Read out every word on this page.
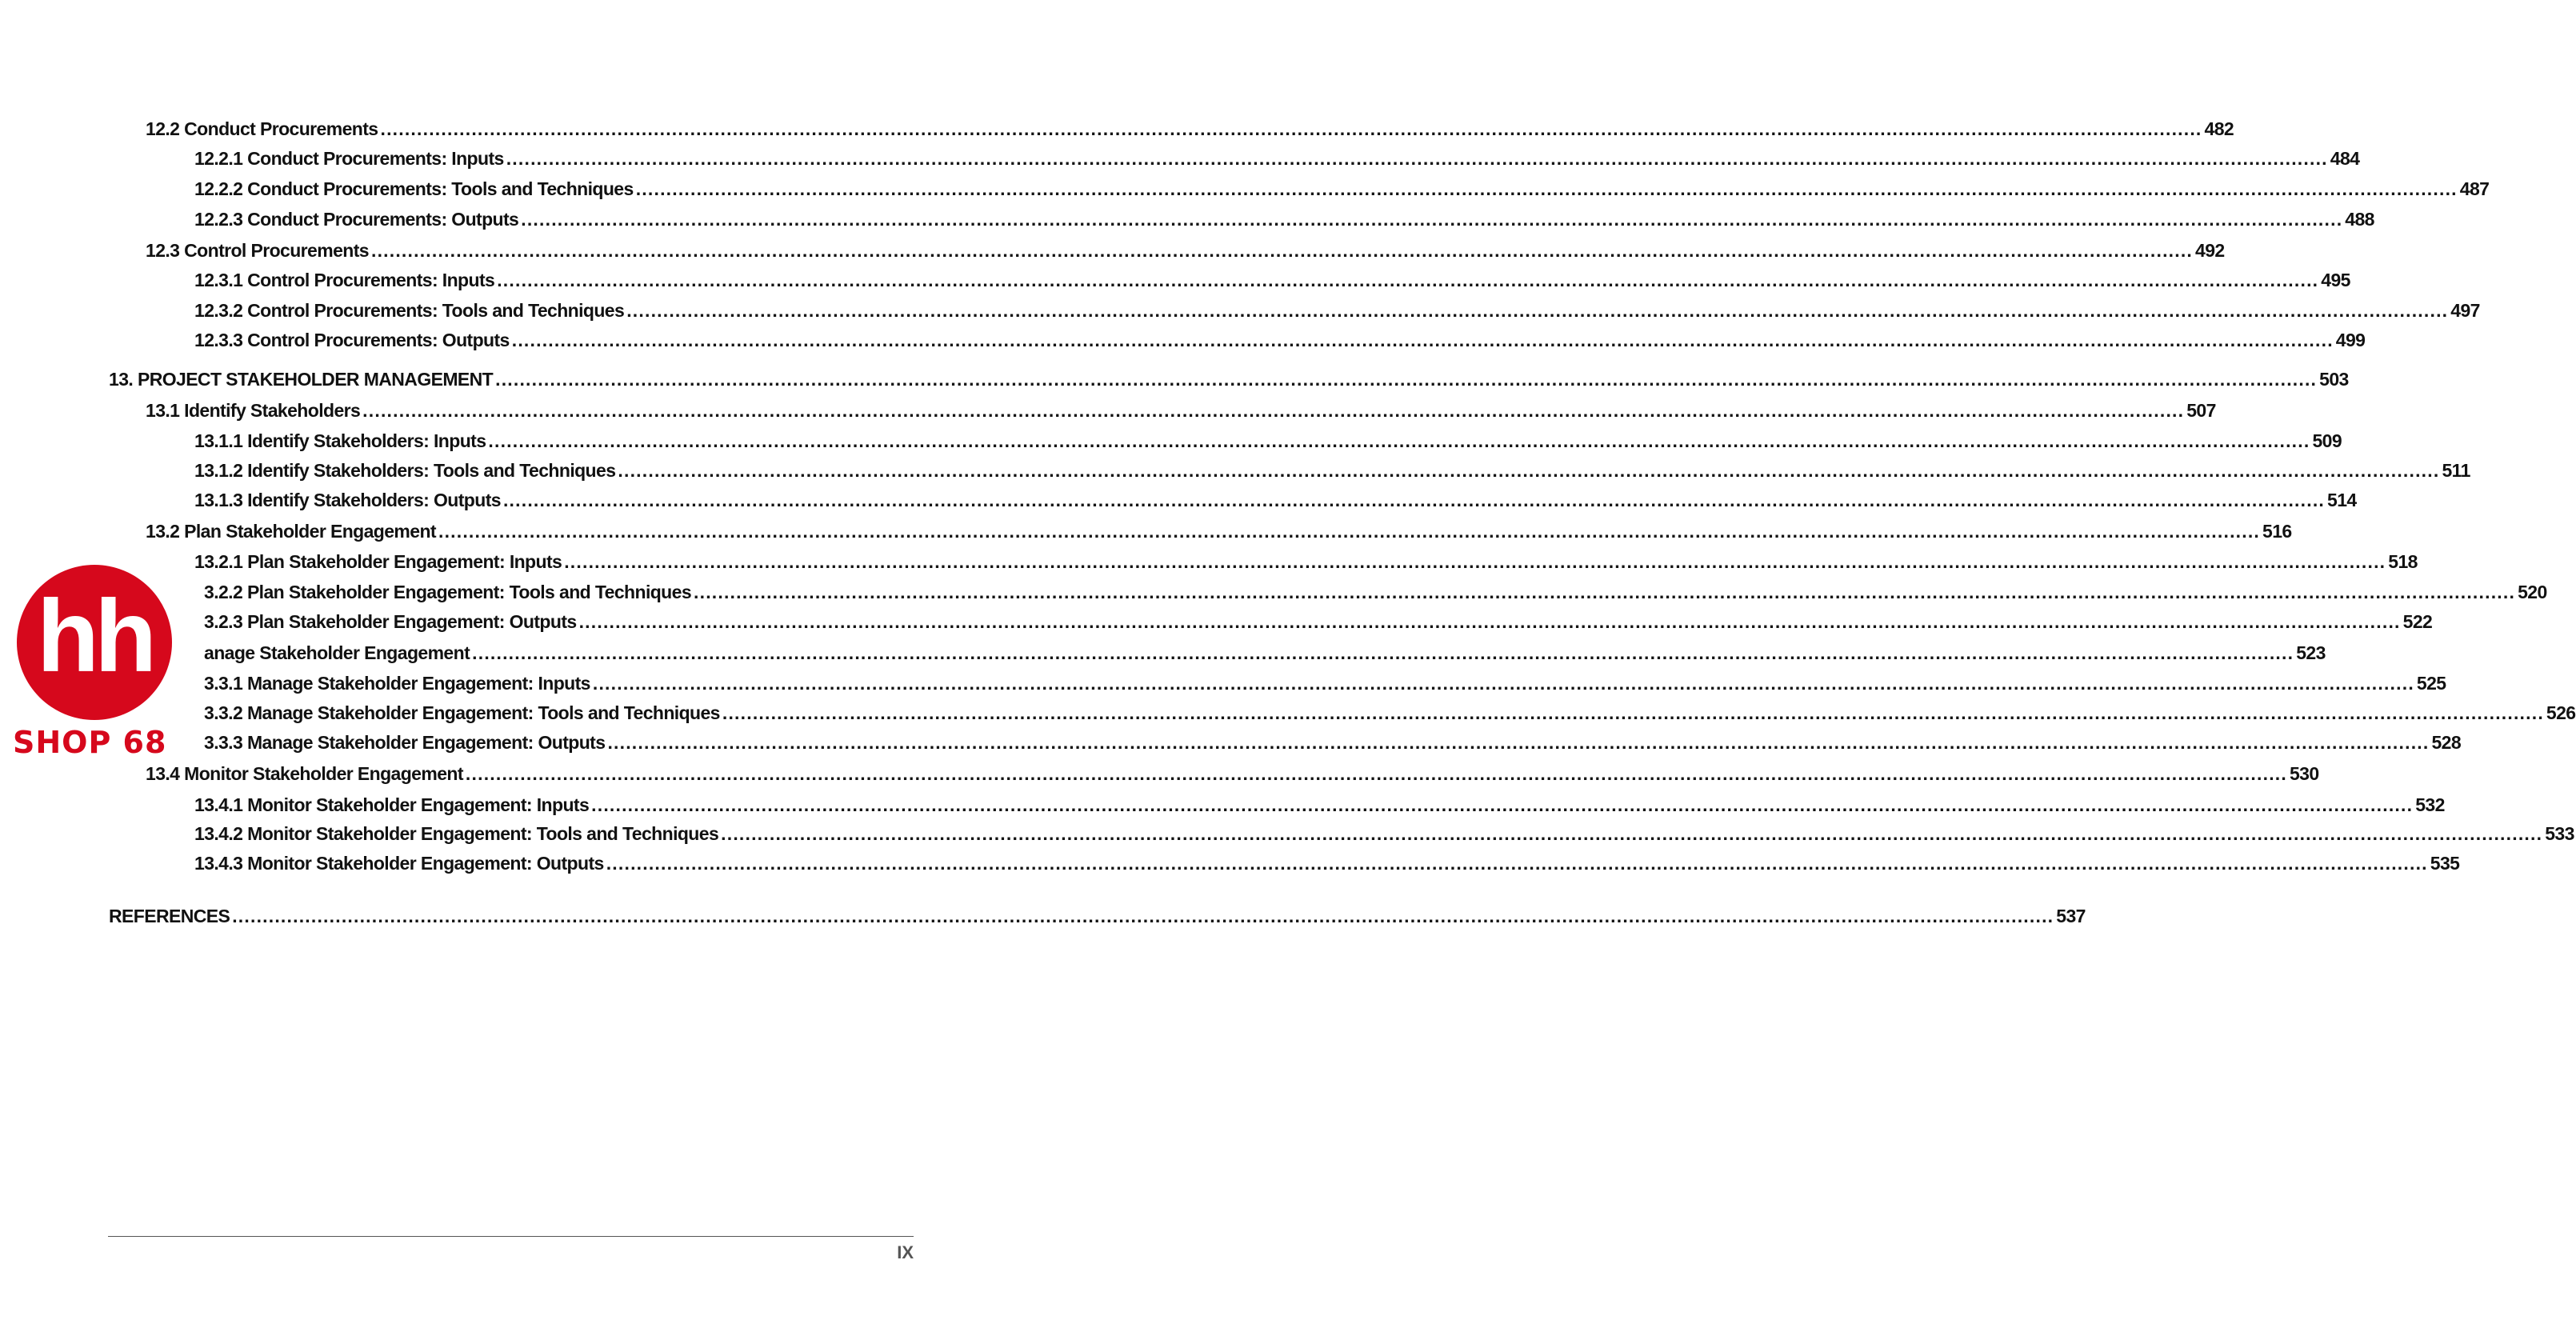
12.2 Conduct Procurements ............................................................................................................................................................................................................................................................................................................ 482
12.2.1 Conduct Procurements: Inputs ............................................................................................................................................................................................................................................................................................................ 484
12.2.2 Conduct Procurements: Tools and Techniques ............................................................................................................................................................................................................................................................................................................ 487
12.2.3 Conduct Procurements: Outputs ............................................................................................................................................................................................................................................................................................................ 488
12.3 Control Procurements ............................................................................................................................................................................................................................................................................................................ 492
12.3.1 Control Procurements: Inputs ............................................................................................................................................................................................................................................................................................................ 495
12.3.2 Control Procurements: Tools and Techniques ............................................................................................................................................................................................................................................................................................................ 497
12.3.3 Control Procurements: Outputs ............................................................................................................................................................................................................................................................................................................ 499
13. PROJECT STAKEHOLDER MANAGEMENT ............................................................................................................................................................................................................................................................................................................ 503
13.1 Identify Stakeholders ............................................................................................................................................................................................................................................................................................................ 507
13.1.1 Identify Stakeholders: Inputs ............................................................................................................................................................................................................................................................................................................ 509
13.1.2 Identify Stakeholders: Tools and Techniques ............................................................................................................................................................................................................................................................................................................ 511
13.1.3 Identify Stakeholders: Outputs ............................................................................................................................................................................................................................................................................................................ 514
13.2 Plan Stakeholder Engagement ............................................................................................................................................................................................................................................................................................................ 516
13.2.1 Plan Stakeholder Engagement: Inputs ............................................................................................................................................................................................................................................................................................................ 518
3.2.2 Plan Stakeholder Engagement: Tools and Techniques ............................................................................................................................................................................................................................................................................................................ 520
3.2.3 Plan Stakeholder Engagement: Outputs ............................................................................................................................................................................................................................................................................................................ 522
anage Stakeholder Engagement ............................................................................................................................................................................................................................................................................................................ 523
3.3.1 Manage Stakeholder Engagement: Inputs ............................................................................................................................................................................................................................................................................................................ 525
3.3.2 Manage Stakeholder Engagement: Tools and Techniques ............................................................................................................................................................................................................................................................................................................ 526
3.3.3 Manage Stakeholder Engagement: Outputs ............................................................................................................................................................................................................................................................................................................ 528
13.4 Monitor Stakeholder Engagement ............................................................................................................................................................................................................................................................................................................ 530
13.4.1 Monitor Stakeholder Engagement: Inputs ............................................................................................................................................................................................................................................................................................................ 532
13.4.2 Monitor Stakeholder Engagement: Tools and Techniques ............................................................................................................................................................................................................................................................................................................ 533
13.4.3 Monitor Stakeholder Engagement: Outputs ............................................................................................................................................................................................................................................................................................................ 535
REFERENCES ............................................................................................................................................................................................................................................................................................................ 537
hh
SHOP 68
IX
